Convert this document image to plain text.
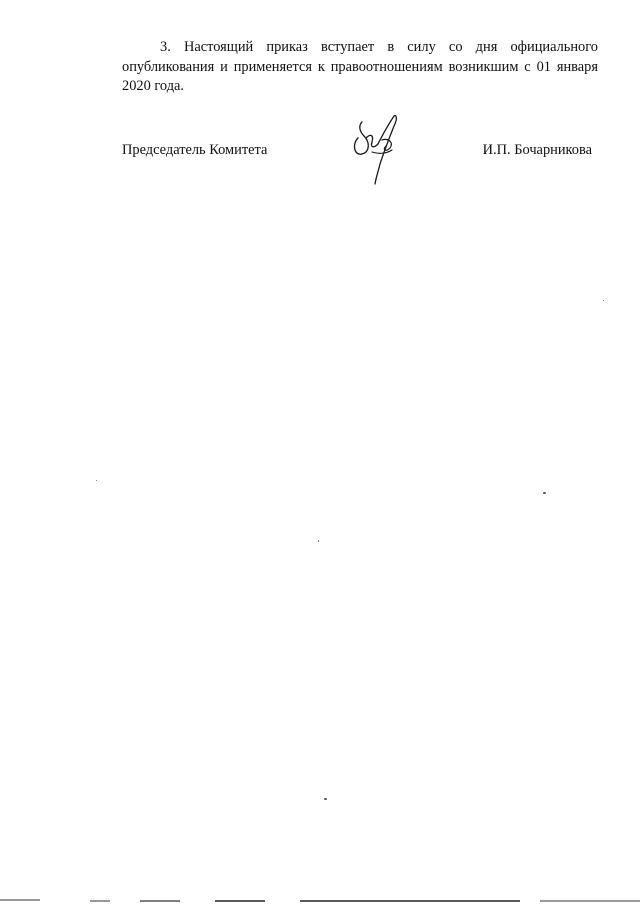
3. Настоящий приказ вступает в силу со дня официального опубликования и применяется к правоотношениям возникшим с 01 января 2020 года.

Председатель Комитета	И.П. Бочарникова
